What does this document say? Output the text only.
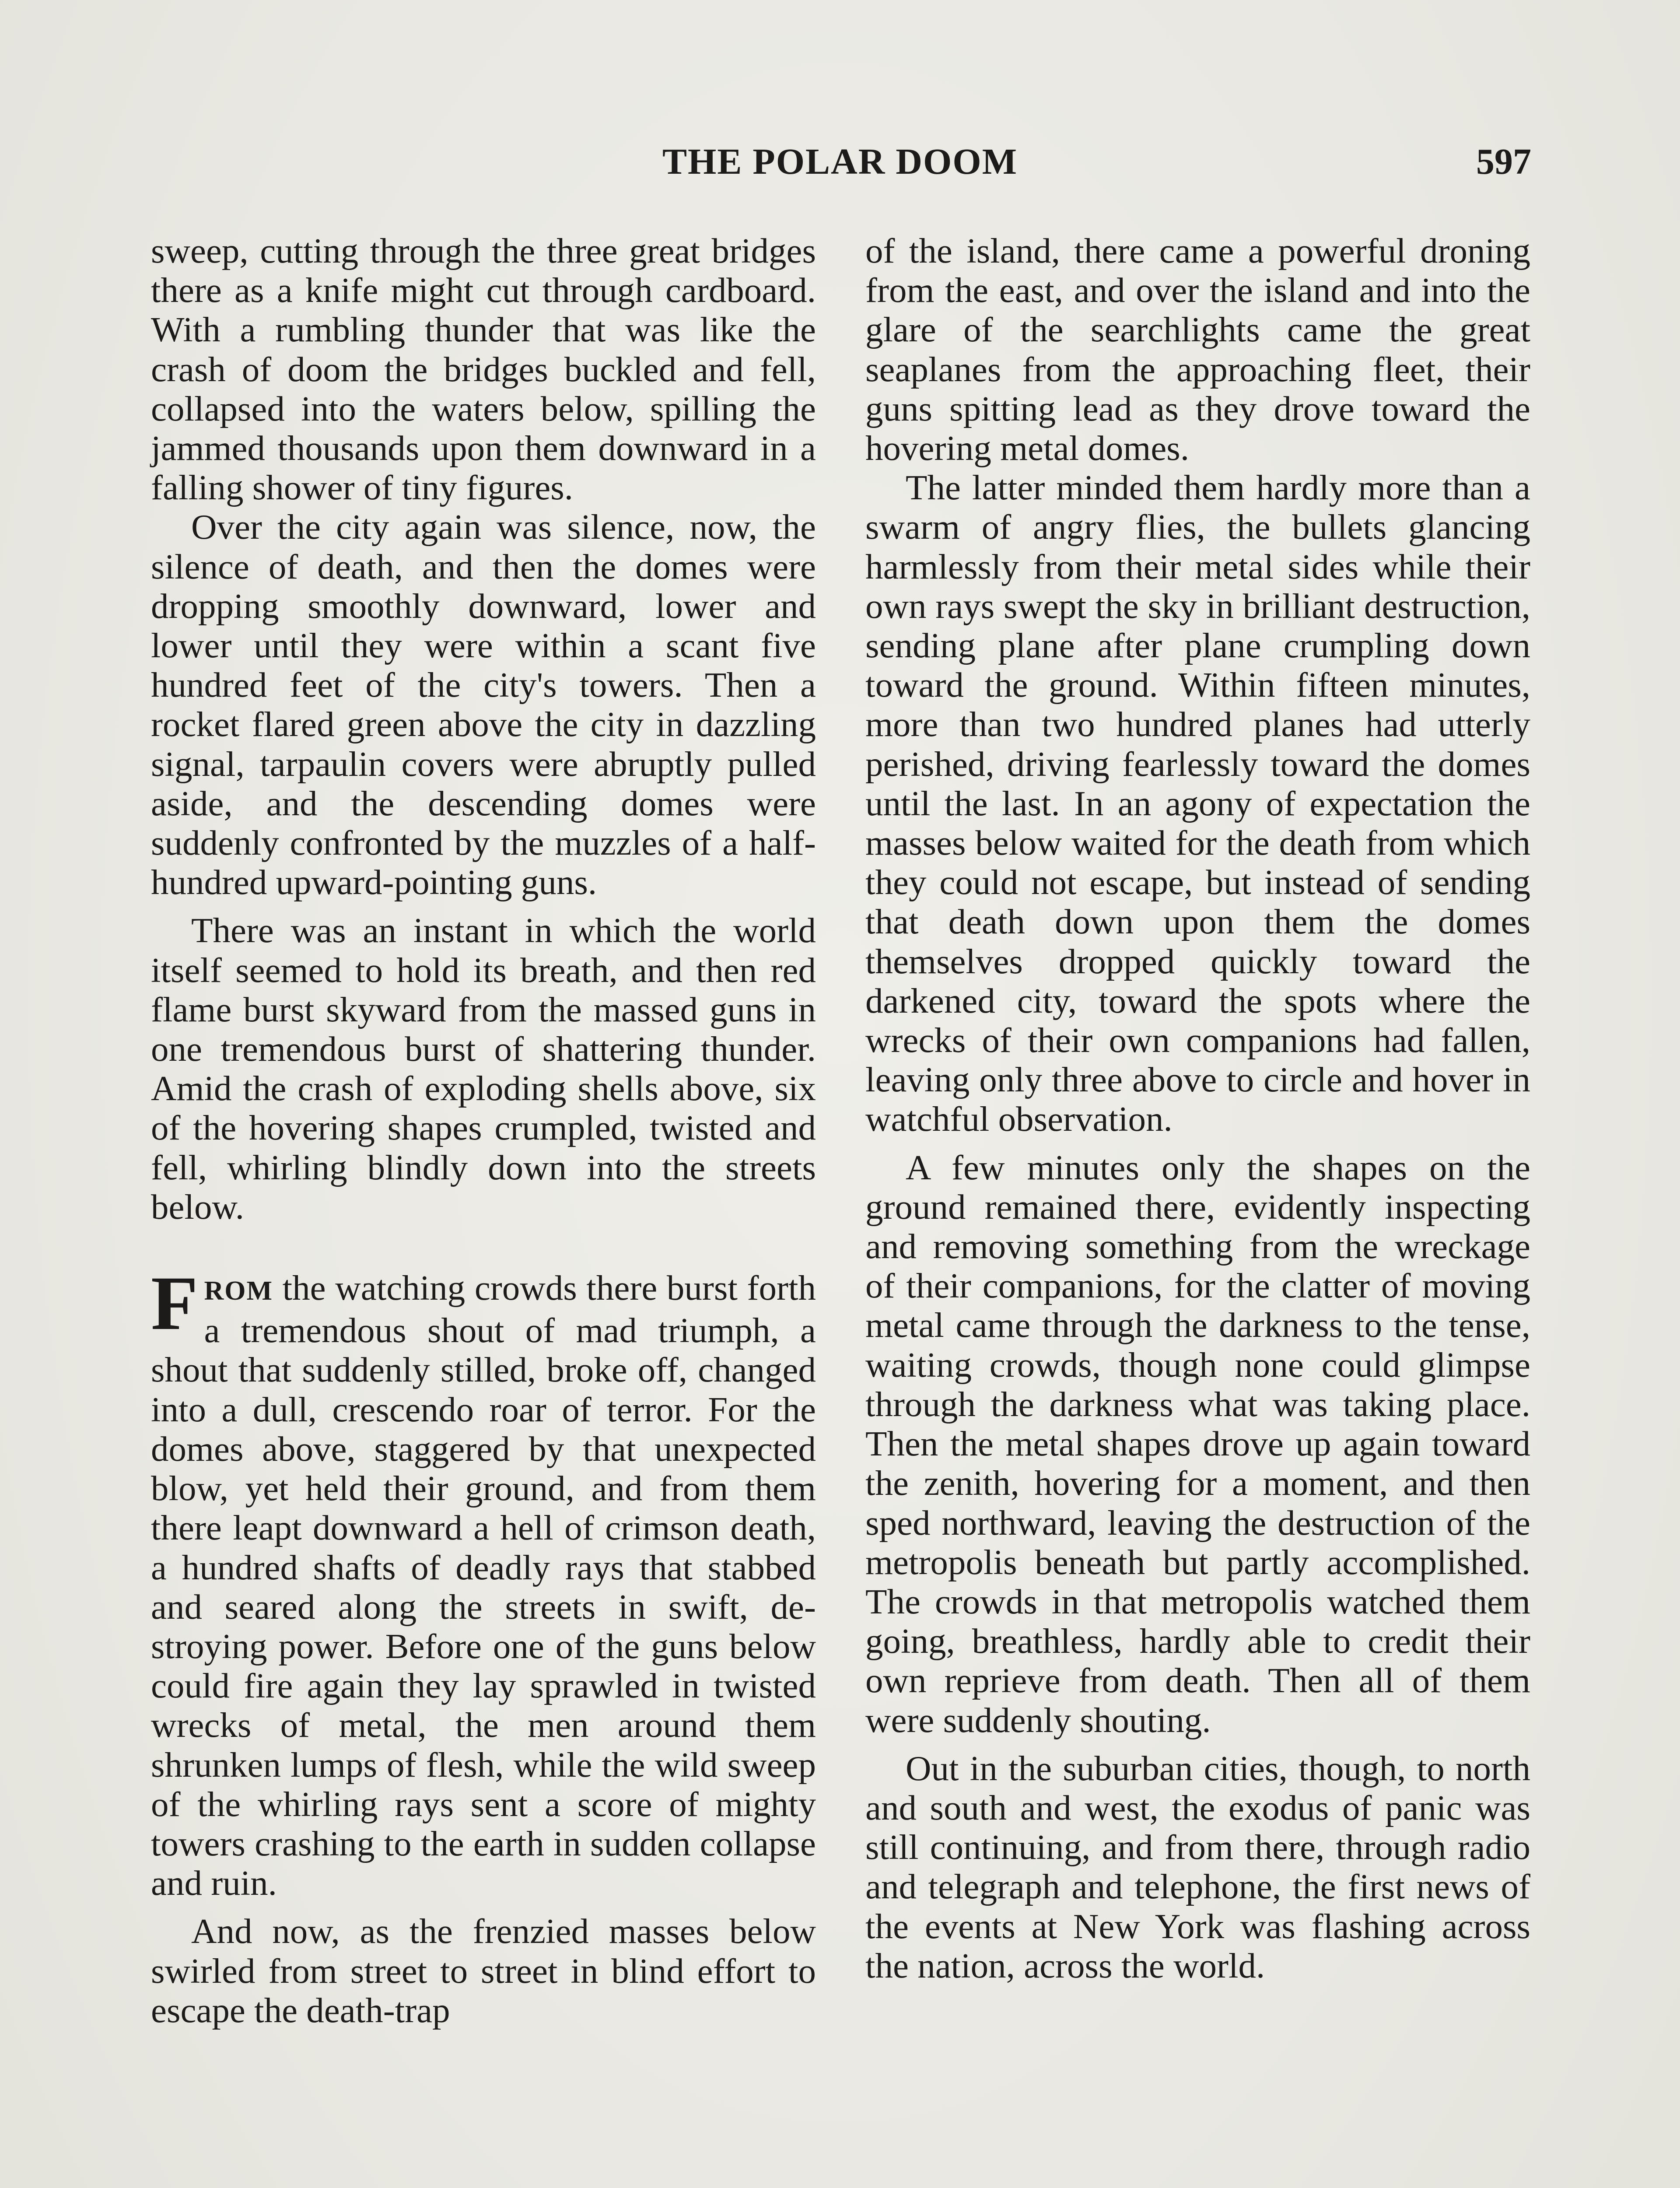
THE POLAR DOOM	597

sweep, cutting through the three great bridges there as a knife might cut through cardboard. With a rumbling thunder that was like the crash of doom the bridges buckled and fell, collapsed into the waters below, spilling the jammed thousands upon them downward in a falling shower of tiny figures.

Over the city again was silence, now, the silence of death, and then the domes were dropping smoothly downward, lower and lower until they were within a scant five hundred feet of the city's towers. Then a rocket flared green above the city in dazzling signal, tarpaulin covers were abruptly pulled aside, and the descending domes were suddenly confronted by the muzzles of a half-hundred upward-pointing guns.

There was an instant in which the world itself seemed to hold its breath, and then red flame burst skyward from the massed guns in one tremendous burst of shattering thunder. Amid the crash of exploding shells above, six of the hovering shapes crumpled, twisted and fell, whirling blindly down into the streets below.

FROM the watching crowds there burst forth a tremendous shout of mad triumph, a shout that suddenly stilled, broke off, changed into a dull, crescendo roar of terror. For the domes above, staggered by that unexpected blow, yet held their ground, and from them there leapt downward a hell of crimson death, a hundred shafts of deadly rays that stabbed and seared along the streets in swift, destroying power. Before one of the guns below could fire again they lay sprawled in twisted wrecks of metal, the men around them shrunken lumps of flesh, while the wild sweep of the whirling rays sent a score of mighty towers crashing to the earth in sudden collapse and ruin.

And now, as the frenzied masses below swirled from street to street in blind effort to escape the death-trap

of the island, there came a powerful droning from the east, and over the island and into the glare of the searchlights came the great seaplanes from the approaching fleet, their guns spitting lead as they drove toward the hovering metal domes.

The latter minded them hardly more than a swarm of angry flies, the bullets glancing harmlessly from their metal sides while their own rays swept the sky in brilliant destruction, sending plane after plane crumpling down toward the ground. Within fifteen minutes, more than two hundred planes had utterly perished, driving fearlessly toward the domes until the last. In an agony of expectation the masses below waited for the death from which they could not escape, but instead of sending that death down upon them the domes themselves dropped quickly toward the darkened city, toward the spots where the wrecks of their own companions had fallen, leaving only three above to circle and hover in watchful observation.

A few minutes only the shapes on the ground remained there, evidently inspecting and removing something from the wreckage of their companions, for the clatter of moving metal came through the darkness to the tense, waiting crowds, though none could glimpse through the darkness what was taking place. Then the metal shapes drove up again toward the zenith, hovering for a moment, and then sped northward, leaving the destruction of the metropolis beneath but partly accomplished. The crowds in that metropolis watched them going, breathless, hardly able to credit their own reprieve from death. Then all of them were suddenly shouting.

Out in the suburban cities, though, to north and south and west, the exodus of panic was still continuing, and from there, through radio and telegraph and telephone, the first news of the events at New York was flashing across the nation, across the world.
